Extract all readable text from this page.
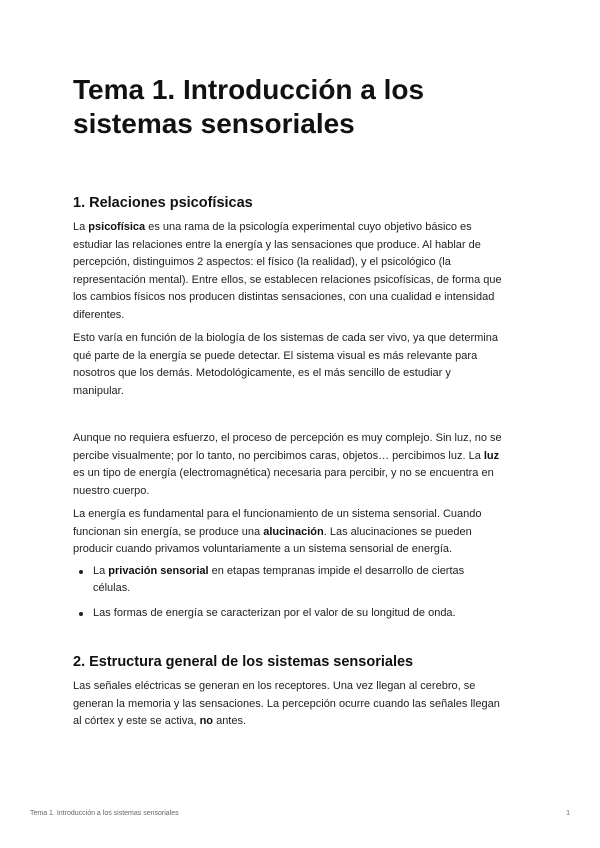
Tema 1. Introducción a los sistemas sensoriales
1. Relaciones psicofísicas

La psicofísica es una rama de la psicología experimental cuyo objetivo básico es estudiar las relaciones entre la energía y las sensaciones que produce. Al hablar de percepción, distinguimos 2 aspectos: el físico (la realidad), y el psicológico (la representación mental). Entre ellos, se establecen relaciones psicofísicas, de forma que los cambios físicos nos producen distintas sensaciones, con una cualidad e intensidad diferentes.

Esto varía en función de la biología de los sistemas de cada ser vivo, ya que determina qué parte de la energía se puede detectar. El sistema visual es más relevante para nosotros que los demás. Metodológicamente, es el más sencillo de estudiar y manipular.

Aunque no requiera esfuerzo, el proceso de percepción es muy complejo. Sin luz, no se percibe visualmente; por lo tanto, no percibimos caras, objetos… percibimos luz. La luz es un tipo de energía (electromagnética) necesaria para percibir, y no se encuentra en nuestro cuerpo.

La energía es fundamental para el funcionamiento de un sistema sensorial. Cuando funcionan sin energía, se produce una alucinación. Las alucinaciones se pueden producir cuando privamos voluntariamente a un sistema sensorial de energía.

La privación sensorial en etapas tempranas impide el desarrollo de ciertas células.
Las formas de energía se caracterizan por el valor de su longitud de onda.
2. Estructura general de los sistemas sensoriales

Las señales eléctricas se generan en los receptores. Una vez llegan al cerebro, se generan la memoria y las sensaciones. La percepción ocurre cuando las señales llegan al córtex y este se activa, no antes.

Tema 1. Introducción a los sistemas sensoriales	1
